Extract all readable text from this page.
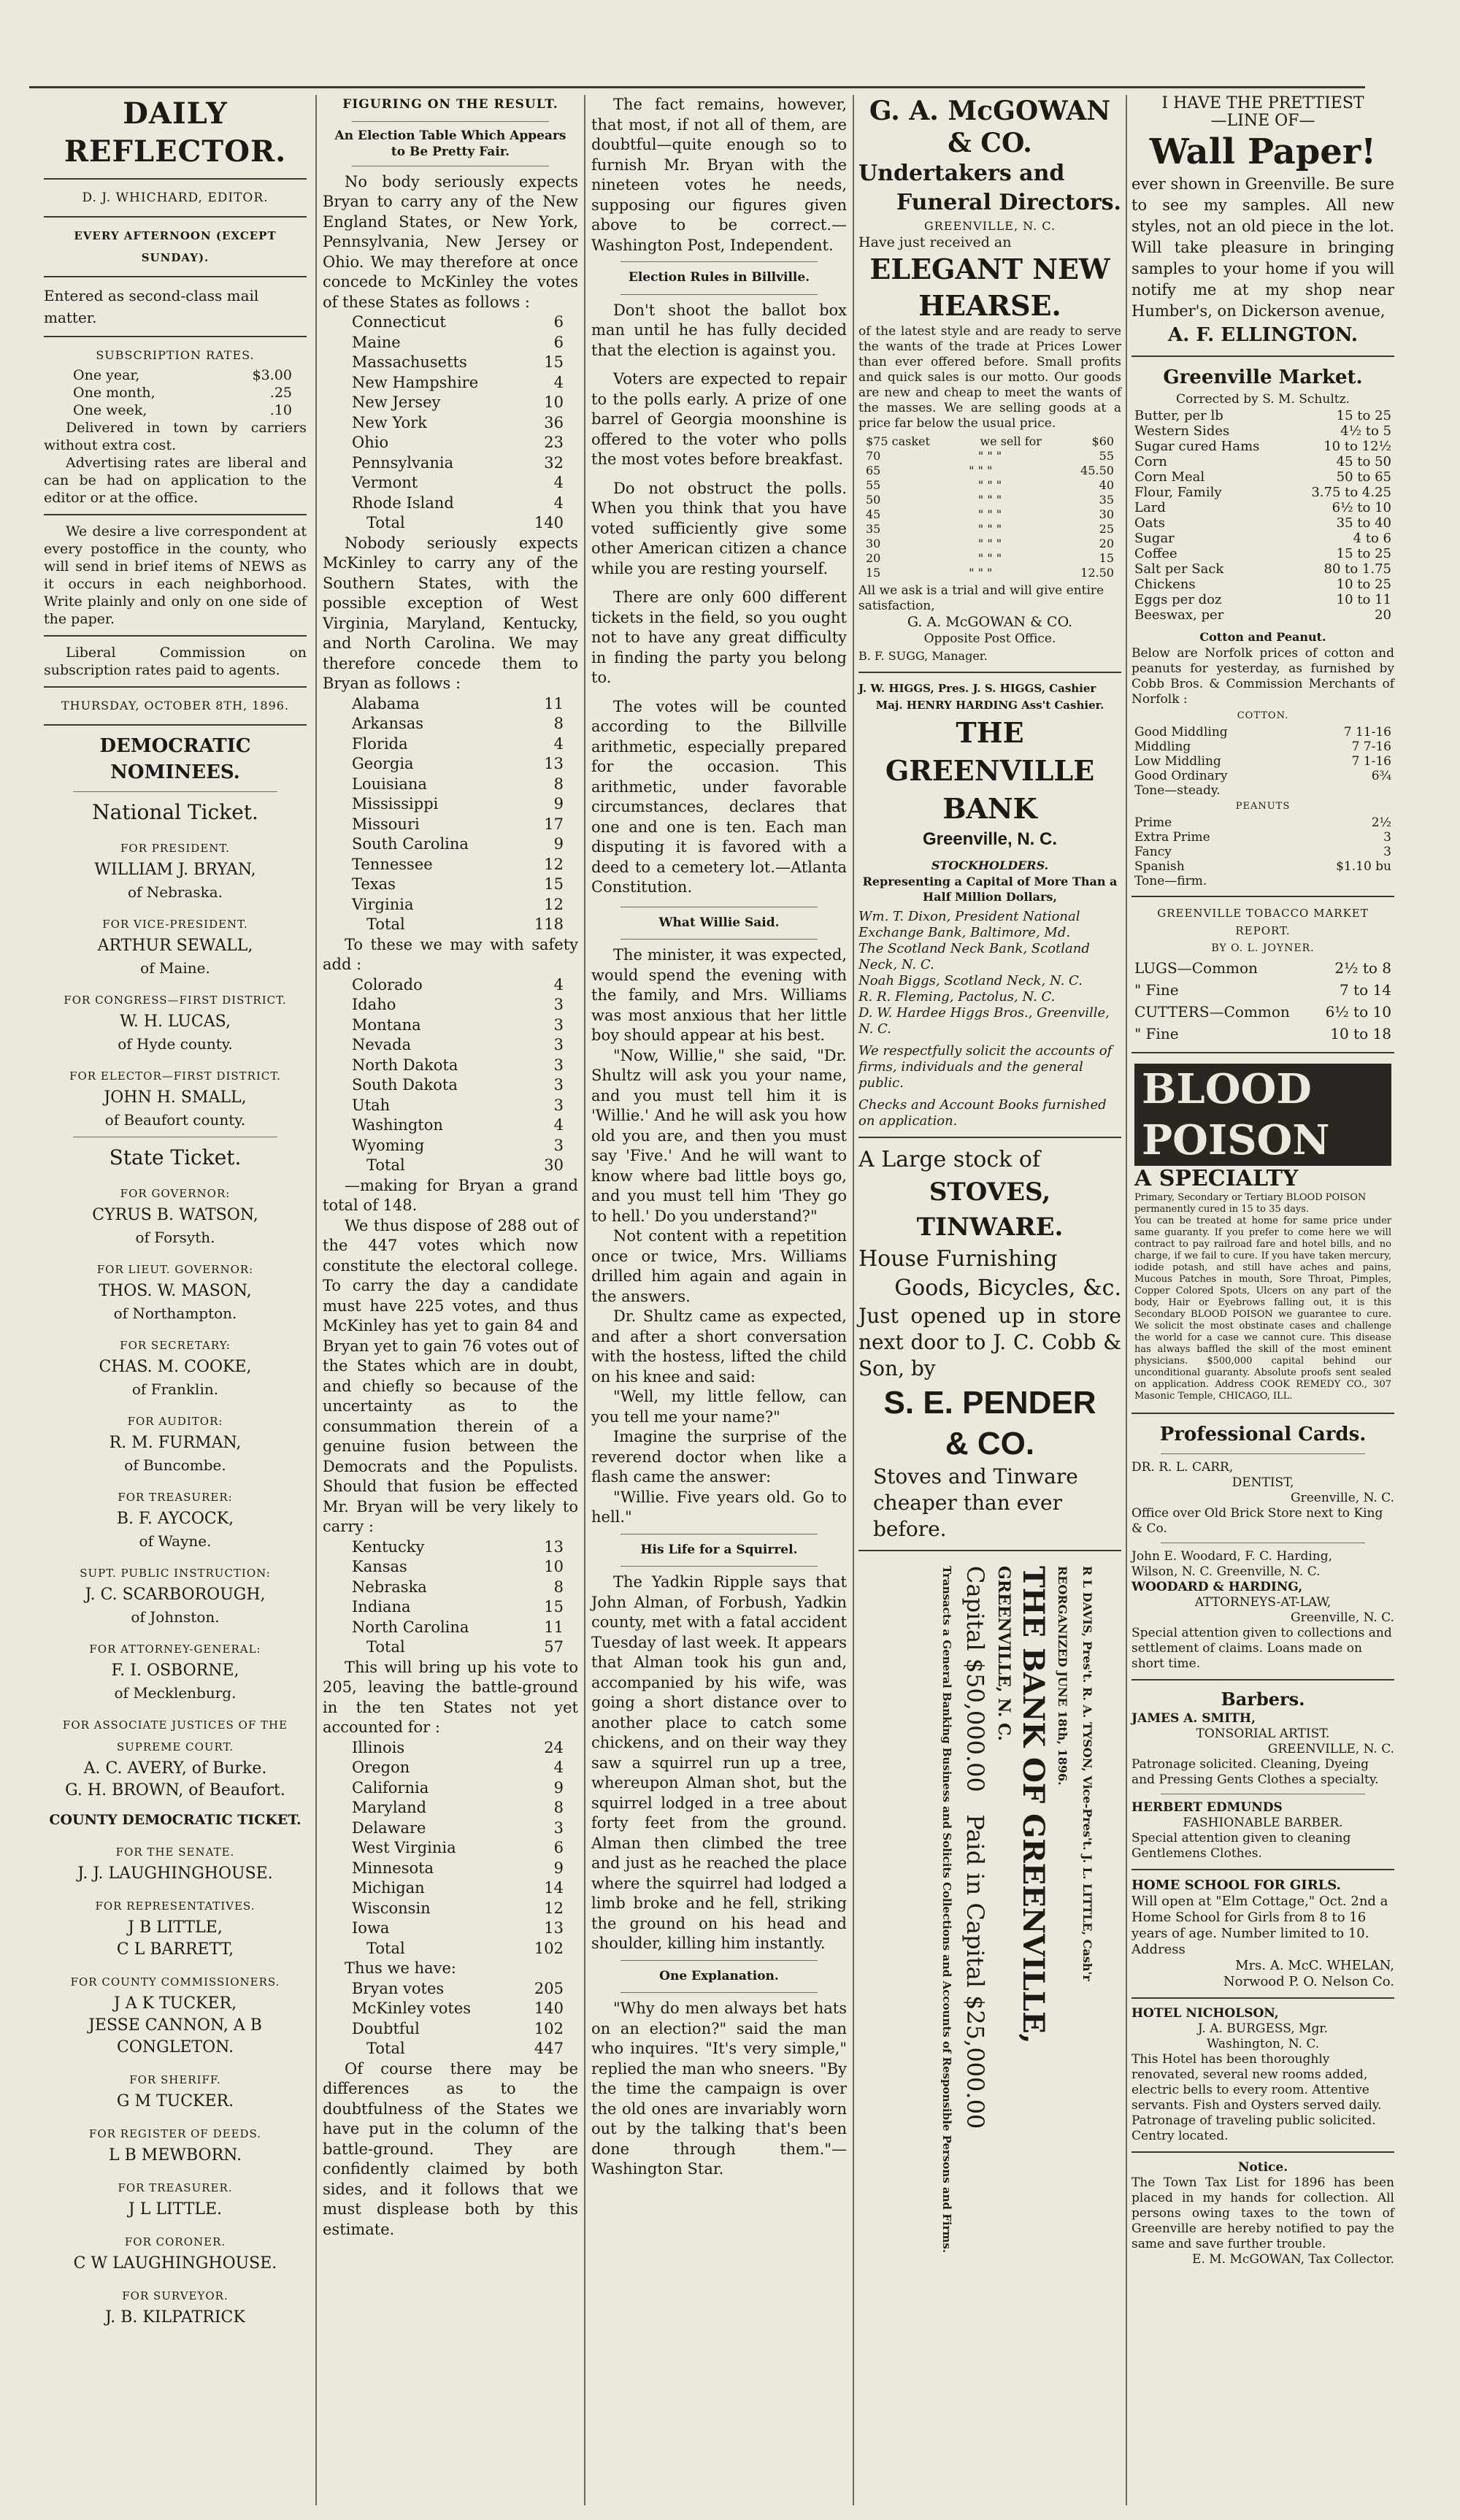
DAILY REFLECTOR.
D. J. WHICHARD, EDITOR.
EVERY AFTERNOON (EXCEPT SUNDAY).
Entered as second-class mail matter.
SUBSCRIPTION RATES.
One year,	$3.00
One month,	.25
One week,	.10
Delivered in town by carriers without extra cost.
Advertising rates are liberal and can be had on application to the editor or at the office.
We desire a live correspondent at every postoffice in the county, who will send in brief items of NEWS as it occurs in each neighborhood. Write plainly and only on one side of the paper.
Liberal Commission on subscription rates paid to agents.
THURSDAY, OCTOBER 8TH, 1896.
DEMOCRATIC NOMINEES.
National Ticket.
FOR PRESIDENT.
WILLIAM J. BRYAN,
of Nebraska.
FOR VICE-PRESIDENT.
ARTHUR SEWALL,
of Maine.
FOR CONGRESS—FIRST DISTRICT.
W. H. LUCAS,
of Hyde county.
FOR ELECTOR—FIRST DISTRICT.
JOHN H. SMALL,
of Beaufort county.
State Ticket.
FOR GOVERNOR:
CYRUS B. WATSON,
of Forsyth.
FOR LIEUT. GOVERNOR:
THOS. W. MASON,
of Northampton.
FOR SECRETARY:
CHAS. M. COOKE,
of Franklin.
FOR AUDITOR:
R. M. FURMAN,
of Buncombe.
FOR TREASURER:
B. F. AYCOCK,
of Wayne.
SUPT. PUBLIC INSTRUCTION:
J. C. SCARBOROUGH,
of Johnston.
FOR ATTORNEY-GENERAL:
F. I. OSBORNE,
of Mecklenburg.
FOR ASSOCIATE JUSTICES OF THE SUPREME COURT.
A. C. AVERY, of Burke.
G. H. BROWN, of Beaufort.
COUNTY DEMOCRATIC TICKET.
FOR THE SENATE.
J. J. LAUGHINGHOUSE.
FOR REPRESENTATIVES.
J B LITTLE,
C L BARRETT,
FOR COUNTY COMMISSIONERS.
J A K TUCKER,
JESSE CANNON, A B CONGLETON.
FOR SHERIFF.
G M TUCKER.
FOR REGISTER OF DEEDS.
L B MEWBORN.
FOR TREASURER.
J L LITTLE.
FOR CORONER.
C W LAUGHINGHOUSE.
FOR SURVEYOR.
J. B. KILPATRICK
FIGURING ON THE RESULT.
An Election Table Which Appears to Be Pretty Fair.

No body seriously expects Bryan to carry any of the New England States, or New York, Pennsylvania, New Jersey or Ohio. We may therefore at once concede to McKinley the votes of these States as follows :

Connecticut	6
Maine	6
Massachusetts	15
New Hampshire	4
New Jersey	10
New York	36
Ohio	23
Pennsylvania	32
Vermont	4
Rhode Island	4
Total	140

Nobody seriously expects McKinley to carry any of the Southern States, with the possible exception of West Virginia, Maryland, Kentucky, and North Carolina. We may therefore concede them to Bryan as follows :

Alabama	11
Arkansas	8
Florida	4
Georgia	13
Louisiana	8
Mississippi	9
Missouri	17
South Carolina	9
Tennessee	12
Texas	15
Virginia	12
Total	118

To these we may with safety add :

Colorado	4
Idaho	3
Montana	3
Nevada	3
North Dakota	3
South Dakota	3
Utah	3
Washington	4
Wyoming	3
Total	30

—making for Bryan a grand total of 148.

We thus dispose of 288 out of the 447 votes which now constitute the electoral college. To carry the day a candidate must have 225 votes, and thus McKinley has yet to gain 84 and Bryan yet to gain 76 votes out of the States which are in doubt, and chiefly so because of the uncertainty as to the consummation therein of a genuine fusion between the Democrats and the Populists. Should that fusion be effected Mr. Bryan will be very likely to carry :

Kentucky	13
Kansas	10
Nebraska	8
Indiana	15
North Carolina	11
Total	57

This will bring up his vote to 205, leaving the battle-ground in the ten States not yet accounted for :

Illinois	24
Oregon	4
California	9
Maryland	8
Delaware	3
West Virginia	6
Minnesota	9
Michigan	14
Wisconsin	12
Iowa	13
Total	102

Thus we have:

Bryan votes	205
McKinley votes	140
Doubtful	102
Total	447

Of course there may be differences as to the doubtfulness of the States we have put in the column of the battle-ground. They are confidently claimed by both sides, and it follows that we must displease both by this estimate.

The fact remains, however, that most, if not all of them, are doubtful—quite enough so to furnish Mr. Bryan with the nineteen votes he needs, supposing our figures given above to be correct.—Washington Post, Independent.

Election Rules in Billville.

Don't shoot the ballot box man until he has fully decided that the election is against you.

Voters are expected to repair to the polls early. A prize of one barrel of Georgia moonshine is offered to the voter who polls the most votes before breakfast.

Do not obstruct the polls. When you think that you have voted sufficiently give some other American citizen a chance while you are resting yourself.

There are only 600 different tickets in the field, so you ought not to have any great difficulty in finding the party you belong to.

The votes will be counted according to the Billville arithmetic, especially prepared for the occasion. This arithmetic, under favorable circumstances, declares that one and one is ten. Each man disputing it is favored with a deed to a cemetery lot.—Atlanta Constitution.

What Willie Said.

The minister, it was expected, would spend the evening with the family, and Mrs. Williams was most anxious that her little boy should appear at his best.

"Now, Willie," she said, "Dr. Shultz will ask you your name, and you must tell him it is 'Willie.' And he will ask you how old you are, and then you must say 'Five.' And he will want to know where bad little boys go, and you must tell him 'They go to hell.' Do you understand?"

Not content with a repetition once or twice, Mrs. Williams drilled him again and again in the answers.

Dr. Shultz came as expected, and after a short conversation with the hostess, lifted the child on his knee and said:

"Well, my little fellow, can you tell me your name?"

Imagine the surprise of the reverend doctor when like a flash came the answer:

"Willie. Five years old. Go to hell."

His Life for a Squirrel.

The Yadkin Ripple says that John Alman, of Forbush, Yadkin county, met with a fatal accident Tuesday of last week. It appears that Alman took his gun and, accompanied by his wife, was going a short distance over to another place to catch some chickens, and on their way they saw a squirrel run up a tree, whereupon Alman shot, but the squirrel lodged in a tree about forty feet from the ground. Alman then climbed the tree and just as he reached the place where the squirrel had lodged a limb broke and he fell, striking the ground on his head and shoulder, killing him instantly.

One Explanation.

"Why do men always bet hats on an election?" said the man who inquires. "It's very simple," replied the man who sneers. "By the time the campaign is over the old ones are invariably worn out by the talking that's been done through them."—Washington Star.

G. A. McGOWAN & CO.
Undertakers and
Funeral Directors.
GREENVILLE, N. C.
Have just received an
ELEGANT NEW HEARSE.
of the latest style and are ready to serve the wants of the trade at Prices Lower than ever offered before. Small profits and quick sales is our motto. Our goods are new and cheap to meet the wants of the masses. We are selling goods at a price far below the usual price.
$75 casket	we sell for	$60
70	" " "	55
65	" " "	45.50
55	" " "	40
50	" " "	35
45	" " "	30
35	" " "	25
30	" " "	20
20	" " "	15
15	" " "	12.50
All we ask is a trial and will give entire satisfaction,
G. A. McGOWAN & CO.
Opposite Post Office.
B. F. SUGG, Manager.
J. W. HIGGS, Pres. J. S. HIGGS, Cashier
Maj. HENRY HARDING Ass't Cashier.
THE GREENVILLE BANK
Greenville, N. C.
STOCKHOLDERS.
Representing a Capital of More Than a Half Million Dollars,
Wm. T. Dixon, President National Exchange Bank, Baltimore, Md.
The Scotland Neck Bank, Scotland Neck, N. C.
Noah Biggs, Scotland Neck, N. C.
R. R. Fleming, Pactolus, N. C.
D. W. Hardee Higgs Bros., Greenville, N. C.
We respectfully solicit the accounts of firms, individuals and the general public.
Checks and Account Books furnished on application.
A Large stock of
STOVES, TINWARE.
House Furnishing
Goods, Bicycles, &c.
Just opened up in store next door to J. C. Cobb & Son, by
S. E. PENDER
& CO.
Stoves and Tinware cheaper than ever before.
R L DAVIS, Pres't. R. A. TYSON, Vice-Pres't. J. L. LITTLE, Cash'r
REORGANIZED JUNE 18th, 1896.
THE BANK OF GREENVILLE,
GREENVILLE, N. C.
Capital $50,000.00   Paid in Capital $25,000.00
Transacts a General Banking Business and Solicits Collections and Accounts of Responsible Persons and Firms.
I HAVE THE PRETTIEST
—LINE OF—
Wall Paper!
ever shown in Greenville. Be sure to see my samples. All new styles, not an old piece in the lot. Will take pleasure in bringing samples to your home if you will notify me at my shop near Humber's, on Dickerson avenue,
A. F. ELLINGTON.
Greenville Market.
Corrected by S. M. Schultz.
Butter, per lb	15 to 25
Western Sides	4½ to 5
Sugar cured Hams	10 to 12½
Corn	45 to 50
Corn Meal	50 to 65
Flour, Family	3.75 to 4.25
Lard	6½ to 10
Oats	35 to 40
Sugar	4 to 6
Coffee	15 to 25
Salt per Sack	80 to 1.75
Chickens	10 to 25
Eggs per doz	10 to 11
Beeswax, per	20
Cotton and Peanut.
Below are Norfolk prices of cotton and peanuts for yesterday, as furnished by Cobb Bros. & Commission Merchants of Norfolk :
COTTON.
Good Middling	7 11-16
Middling	7 7-16
Low Middling	7 1-16
Good Ordinary	6¾
Tone—steady.
PEANUTS
Prime	2½
Extra Prime	3
Fancy	3
Spanish	$1.10 bu
Tone—firm.
GREENVILLE TOBACCO MARKET
REPORT.
BY O. L. JOYNER.
LUGS—Common	2½ to 8
" Fine	7 to 14
CUTTERS—Common 6½ to 10
" Fine	10 to 18
BLOOD POISON
A SPECIALTY
Primary, Secondary or Tertiary BLOOD POISON permanently cured in 15 to 35 days.
You can be treated at home for same price under same guaranty. If you prefer to come here we will contract to pay railroad fare and hotel bills, and no charge, if we fail to cure. If you have taken mercury, iodide potash, and still have aches and pains, Mucous Patches in mouth, Sore Throat, Pimples, Copper Colored Spots, Ulcers on any part of the body, Hair or Eyebrows falling out, it is this Secondary BLOOD POISON we guarantee to cure. We solicit the most obstinate cases and challenge the world for a case we cannot cure. This disease has always baffled the skill of the most eminent physicians. $500,000 capital behind our unconditional guaranty. Absolute proofs sent sealed on application. Address COOK REMEDY CO., 307 Masonic Temple, CHICAGO, ILL.
Professional Cards.
DR. R. L. CARR,
DENTIST,
Greenville, N. C.
Office over Old Brick Store next to King & Co.
John E. Woodard, F. C. Harding,
Wilson, N. C. Greenville, N. C.
WOODARD & HARDING,
ATTORNEYS-AT-LAW,
Greenville, N. C.
Special attention given to collections and settlement of claims. Loans made on short time.
Barbers.
JAMES A. SMITH,
TONSORIAL ARTIST.
GREENVILLE, N. C.
Patronage solicited. Cleaning, Dyeing and Pressing Gents Clothes a specialty.
HERBERT EDMUNDS
FASHIONABLE BARBER.
Special attention given to cleaning Gentlemens Clothes.
HOME SCHOOL FOR GIRLS.
Will open at "Elm Cottage," Oct. 2nd a Home School for Girls from 8 to 16 years of age. Number limited to 10. Address
Mrs. A. McC. WHELAN,
Norwood P. O. Nelson Co.
HOTEL NICHOLSON,
J. A. BURGESS, Mgr.
Washington, N. C.
This Hotel has been thoroughly renovated, several new rooms added, electric bells to every room. Attentive servants. Fish and Oysters served daily. Patronage of traveling public solicited. Centry located.
Notice.
The Town Tax List for 1896 has been placed in my hands for collection. All persons owing taxes to the town of Greenville are hereby notified to pay the same and save further trouble.
E. M. McGOWAN, Tax Collector.
